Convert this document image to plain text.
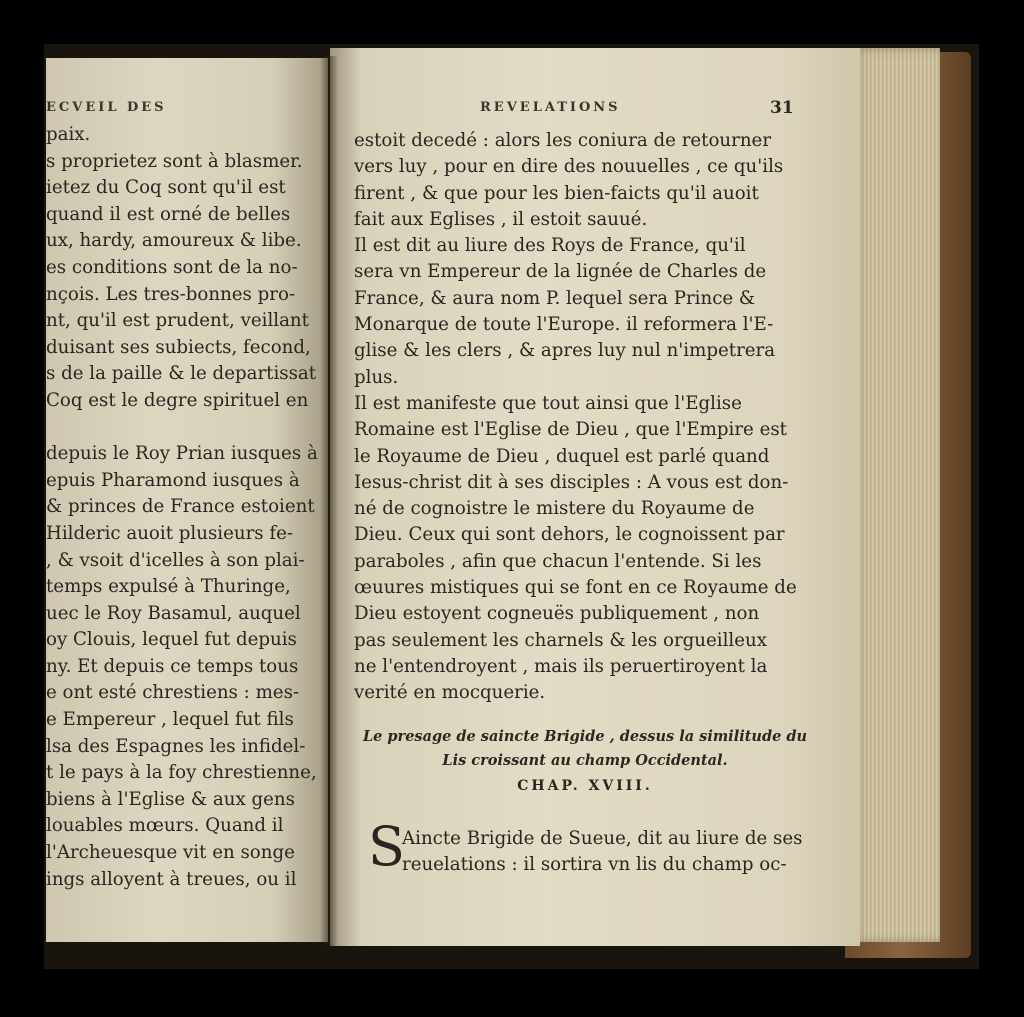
ECVEIL DES
paix.
s proprietez sont à blasmer.
ietez du Coq sont qu'il est
quand il est orné de belles
ux, hardy, amoureux & libe.
es conditions sont de la no-
nçois. Les tres-bonnes pro-
nt, qu'il est prudent, veillant
duisant ses subiects, fecond,
s de la paille & le departissat
Coq est le degre spirituel en
depuis le Roy Prian iusques à
epuis Pharamond iusques à
& princes de France estoient
Hilderic auoit plusieurs fe-
, & vsoit d'icelles à son plai-
temps expulsé à Thuringe,
uec le Roy Basamul, auquel
oy Clouis, lequel fut depuis
ny. Et depuis ce temps tous
e ont esté chrestiens : mes-
e Empereur , lequel fut fils
lsa des Espagnes les infidel-
t le pays à la foy chrestienne,
biens à l'Eglise & aux gens
louables mœurs. Quand il
l'Archeuesque vit en songe
ings alloyent à treues, ou il
REVELATIONS	31
estoit decedé : alors les coniura de retourner
vers luy , pour en dire des nouuelles , ce qu'ils
firent , & que pour les bien-faicts qu'il auoit
fait aux Eglises , il estoit sauué.
Il est dit au liure des Roys de France, qu'il
sera vn Empereur de la lignée de Charles de
France, & aura nom P. lequel sera Prince &
Monarque de toute l'Europe. il reformera l'E-
glise & les clers , & apres luy nul n'impetrera
plus.
Il est manifeste que tout ainsi que l'Eglise
Romaine est l'Eglise de Dieu , que l'Empire est
le Royaume de Dieu , duquel est parlé quand
Iesus-christ dit à ses disciples : A vous est don-
né de cognoistre le mistere du Royaume de
Dieu. Ceux qui sont dehors, le cognoissent par
paraboles , afin que chacun l'entende. Si les
œuures mistiques qui se font en ce Royaume de
Dieu estoyent cogneuës publiquement , non
pas seulement les charnels & les orgueilleux
ne l'entendroyent , mais ils peruertiroyent la
verité en mocquerie.
Le presage de saincte Brigide , dessus la similitude du
Lis croissant au champ Occidental.
CHAP. XVIII.
S
Aincte Brigide de Sueue, dit au liure de ses
reuelations : il sortira vn lis du champ oc-
